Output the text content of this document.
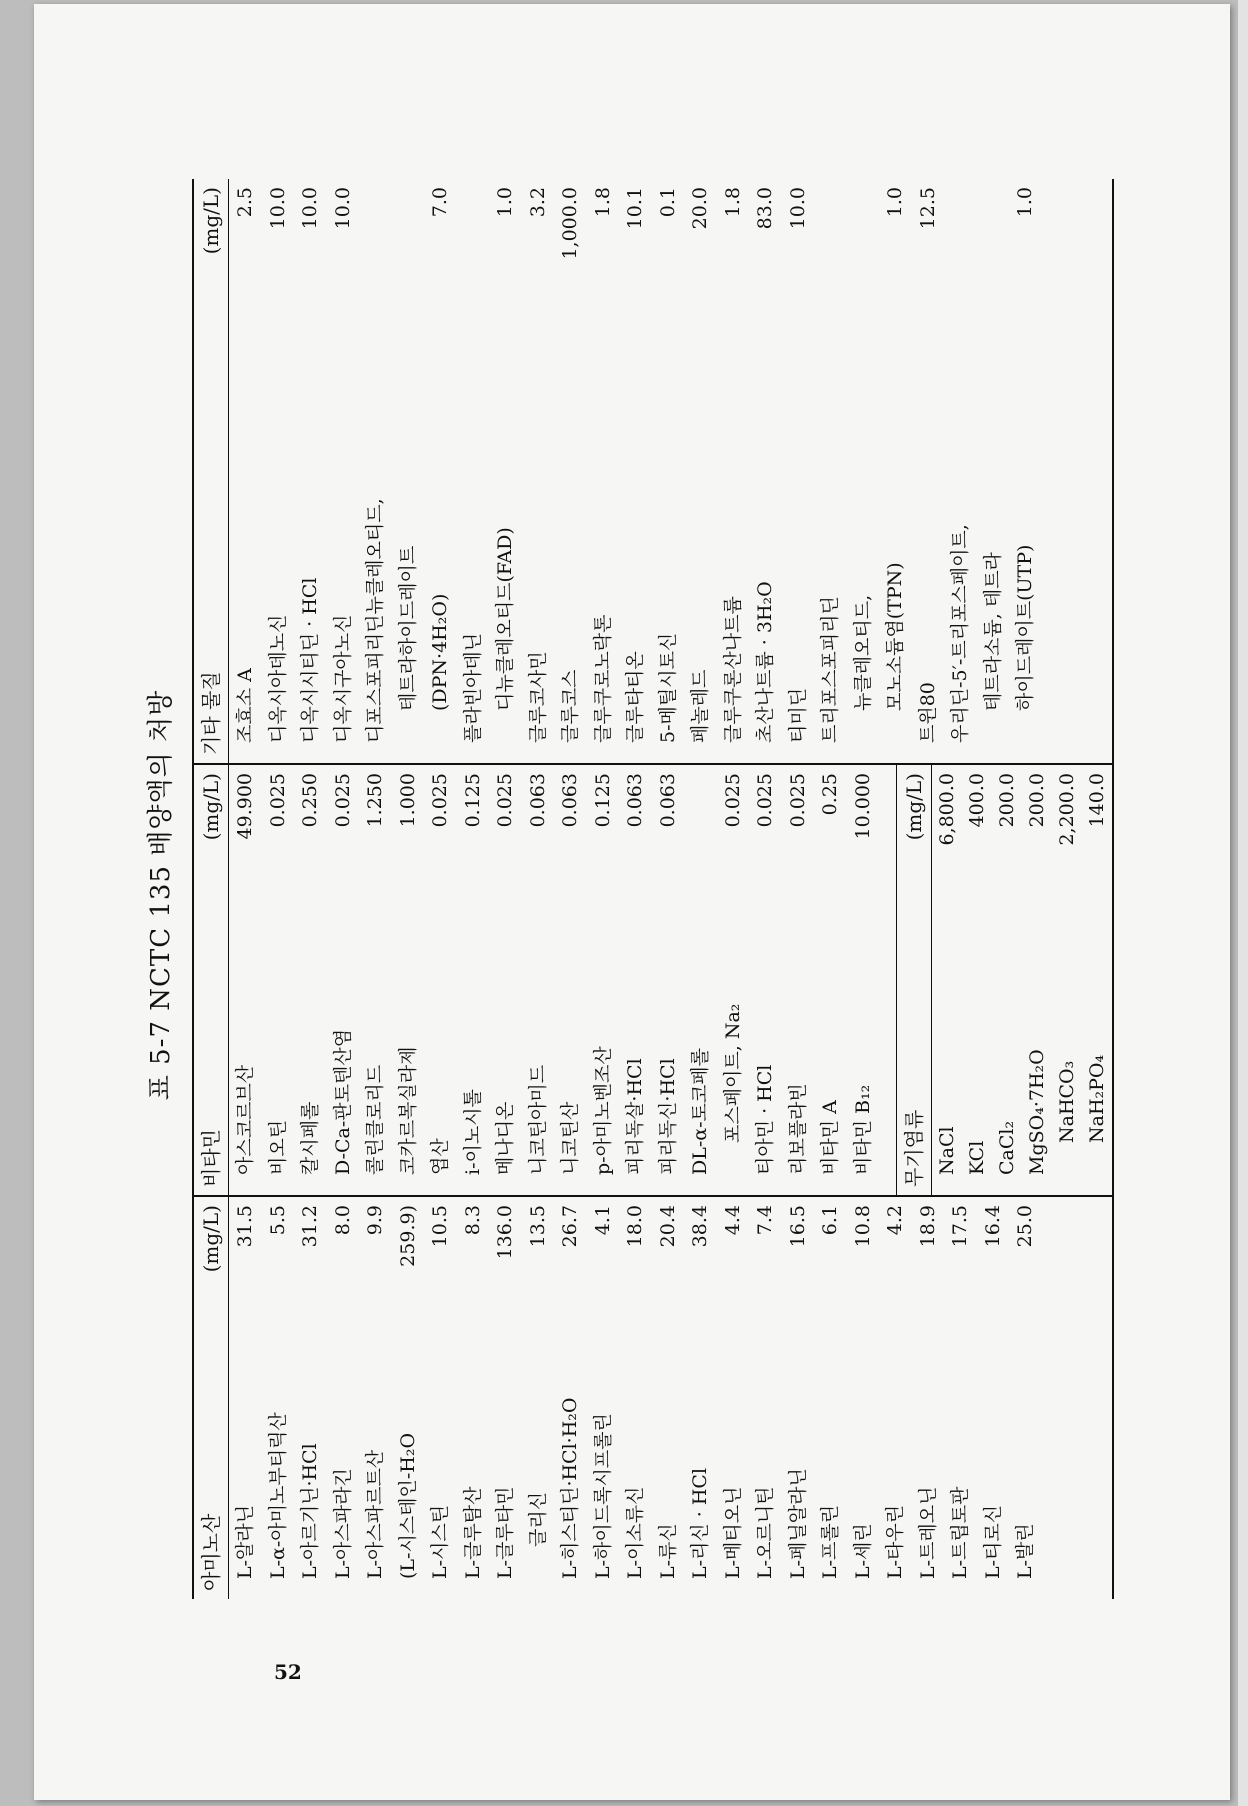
52
표 5-7 NCTC 135 배양액의 처방
아미노산
(mg/L)
L-알라닌
31.5
L-α-아미노부티릭산
5.5
L-아르기닌·HCl
31.2
L-아스파라긴
8.0
L-아스파르트산
9.9
(L-시스테인-H₂O
259.9)
L-시스틴
10.5
L-글루탐산
8.3
L-글루타민
136.0
글리신
13.5
L-히스티딘·HCl·H₂O
26.7
L-하이드록시프롤린
4.1
L-이소류신
18.0
L-류신
20.4
L-리신 · HCl
38.4
L-메티오닌
4.4
L-오르니틴
7.4
L-페닐알라닌
16.5
L-프롤린
6.1
L-세린
10.8
L-타우린
4.2
L-트레오닌
18.9
L-트립토판
17.5
L-티로신
16.4
L-발린
25.0
비타민
(mg/L)
아스코르브산
49.900
비오틴
0.025
칼시페롤
0.250
D-Ca-판토텐산염
0.025
콜린클로리드
1.250
코카르복실라제
1.000
엽산
0.025
i-이노시톨
0.125
메나디온
0.025
니코틴아미드
0.063
니코틴산
0.063
p-아미노벤조산
0.125
피리독살·HCl
0.063
피리독신·HCl
0.063
DL-α-토코페롤 포스페이트, Na₂
0.025
티아민 · HCl
0.025
리보플라빈
0.025
비타민 A
0.25
비타민 B₁₂
10.000
무기염류
(mg/L)
NaCl
6,800.0
KCl
400.0
CaCl₂
200.0
MgSO₄·7H₂O
200.0
NaHCO₃
2,200.0
NaH₂PO₄
140.0
기타 물질
(mg/L)
조효소 A
2.5
디옥시아데노신
10.0
디옥시시티딘 · HCl
10.0
디옥시구아노신
10.0
디포스포피리딘뉴클레오티드, 테트라하이드레이트 (DPN·4H₂O)
7.0
플라빈아데닌 디뉴클레오티드(FAD)
1.0
글루코사민
3.2
글루코스
1,000.0
글루쿠로노락톤
1.8
글루타티온
10.1
5-메틸시토신
0.1
페놀레드
20.0
글루쿠론산나트륨
1.8
초산나트륨 · 3H₂O
83.0
티미딘
10.0
트리포스포피리딘 뉴클레오티드, 모노소듐염(TPN)
1.0
트윈80
12.5
우리딘-5′-트리포스페이트, 테트라소듐, 테트라 하이드레이트(UTP)
1.0
